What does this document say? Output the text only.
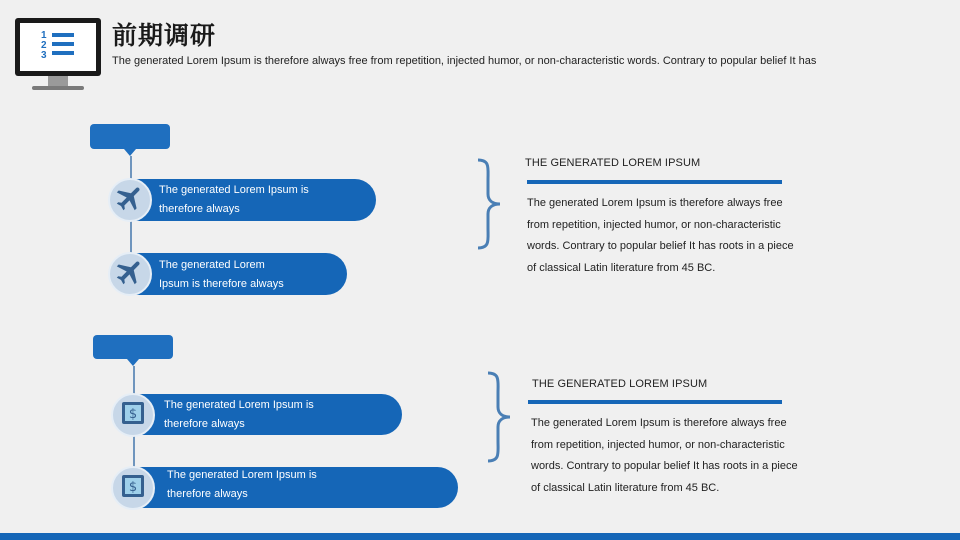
1
2
3
前期调研
The generated Lorem Ipsum is therefore always free from repetition, injected humor, or non-characteristic words. Contrary to popular belief It has
The generated Lorem Ipsum is
therefore always
The generated Lorem
Ipsum is therefore always
THE GENERATED LOREM IPSUM
The generated Lorem Ipsum is therefore always free
from repetition, injected humor, or non-characteristic
words. Contrary to popular belief It has roots in a piece
of classical Latin literature from 45 BC.
The generated Lorem Ipsum is
therefore always
$
The generated Lorem Ipsum is
therefore always
$
THE GENERATED LOREM IPSUM
The generated Lorem Ipsum is therefore always free
from repetition, injected humor, or non-characteristic
words. Contrary to popular belief It has roots in a piece
of classical Latin literature from 45 BC.
